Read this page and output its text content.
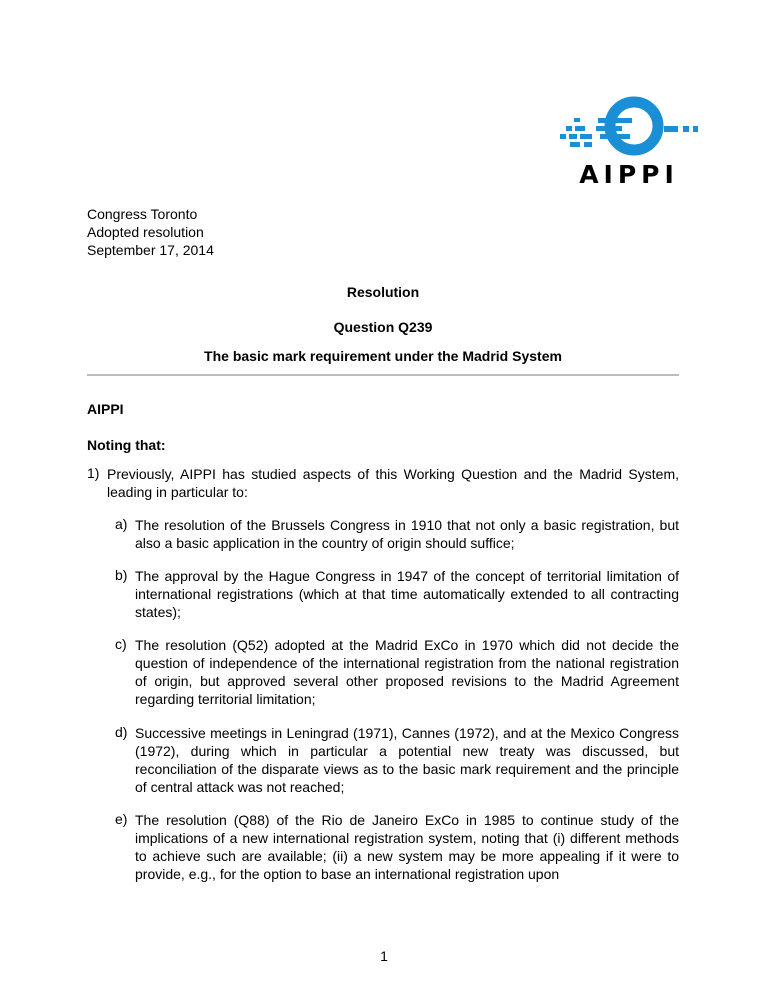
AIPPI
Congress Toronto
Adopted resolution
September 17, 2014
Resolution
Question Q239
The basic mark requirement under the Madrid System
AIPPI
Noting that:
1) Previously, AIPPI has studied aspects of this Working Question and the Madrid System, leading in particular to:
a) The resolution of the Brussels Congress in 1910 that not only a basic registration, but also a basic application in the country of origin should suffice;
b) The approval by the Hague Congress in 1947 of the concept of territorial limitation of international registrations (which at that time automatically extended to all contracting states);
c) The resolution (Q52) adopted at the Madrid ExCo in 1970 which did not decide the question of independence of the international registration from the national registration of origin, but approved several other proposed revisions to the Madrid Agreement regarding territorial limitation;
d) Successive meetings in Leningrad (1971), Cannes (1972), and at the Mexico Congress (1972), during which in particular a potential new treaty was discussed, but reconciliation of the disparate views as to the basic mark requirement and the principle of central attack was not reached;
e) The resolution (Q88) of the Rio de Janeiro ExCo in 1985 to continue study of the implications of a new international registration system, noting that (i) different methods to achieve such are available; (ii) a new system may be more appealing if it were to provide, e.g., for the option to base an international registration upon
1
